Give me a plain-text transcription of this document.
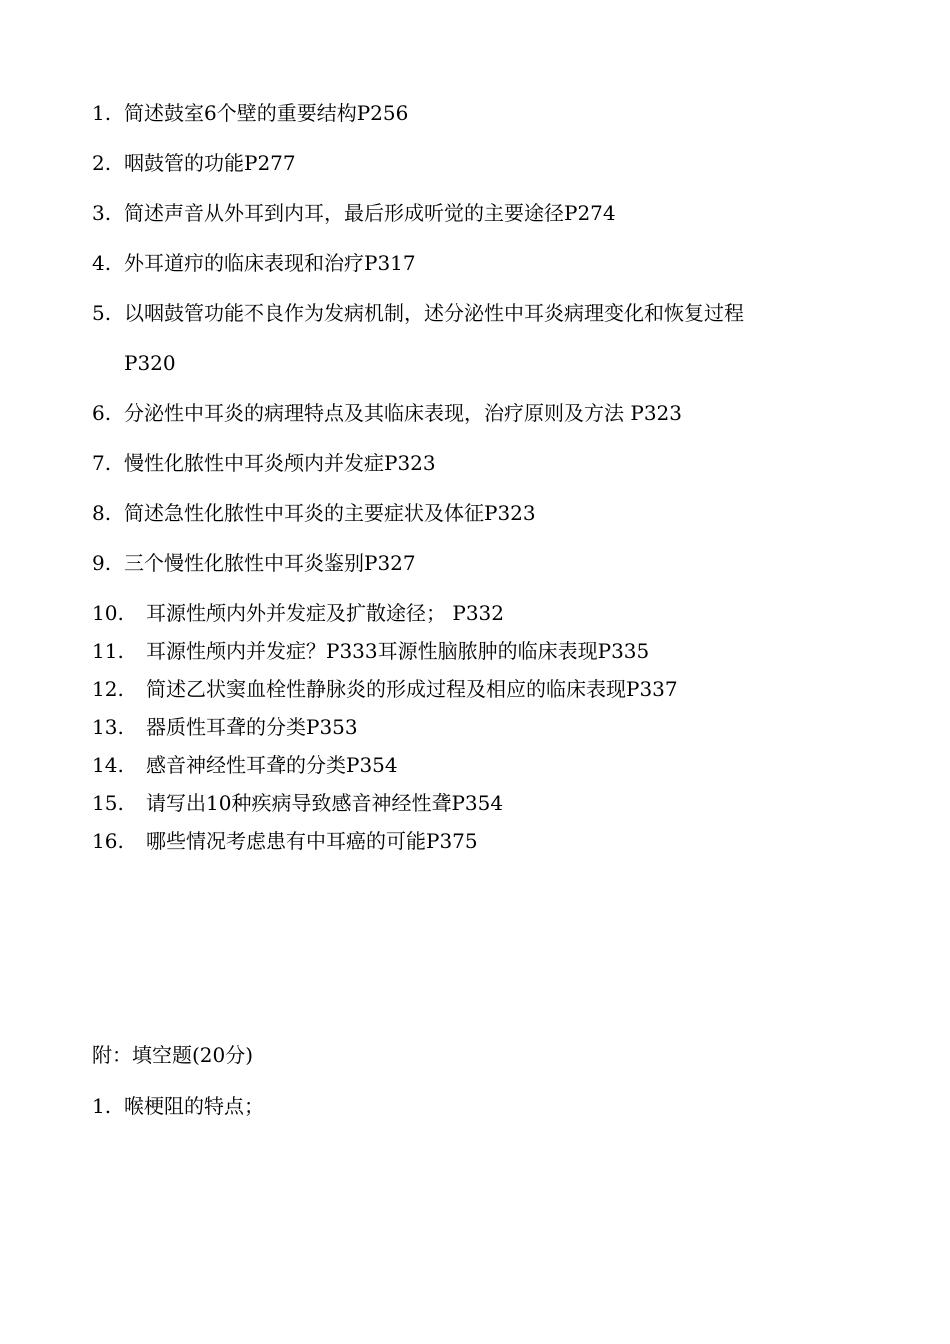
1.简述鼓室6个壁的重要结构P256
2. 咽鼓管的功能P277
3. 简述声音从外耳到内耳，最后形成听觉的主要途径P274
4. 外耳道疖的临床表现和治疗P317
5. 以咽鼓管功能不良作为发病机制，述分泌性中耳炎病理变化和恢复过程
P320
6. 分泌性中耳炎的病理特点及其临床表现，治疗原则及方法 P323
7. 慢性化脓性中耳炎颅内并发症P323
8. 简述急性化脓性中耳炎的主要症状及体征P323
9. 三个慢性化脓性中耳炎鉴别P327
10. 耳源性颅内外并发症及扩散途径； P332
11. 耳源性颅内并发症？P333耳源性脑脓肿的临床表现P335
12. 简述乙状窦血栓性静脉炎的形成过程及相应的临床表现P337
13. 器质性耳聋的分类P353
14. 感音神经性耳聋的分类P354
15. 请写出10种疾病导致感音神经性聋P354
16. 哪些情况考虑患有中耳癌的可能P375
附：填空题(20分)
1. 喉梗阻的特点；
